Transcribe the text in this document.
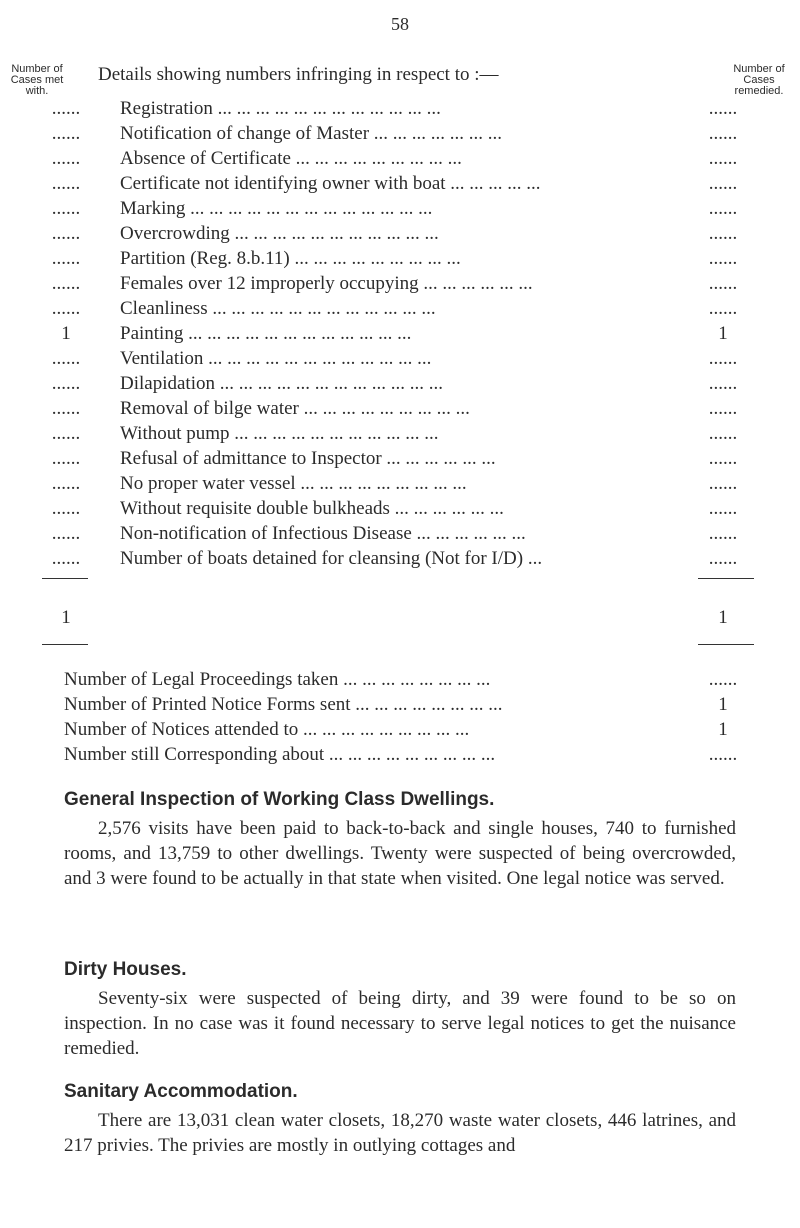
58
Number of Cases met with.
Details showing numbers infringing in respect to :—	Number of Cases remedied.
......	Registration ... ... ... ... ... ... ... ... ... ... ... ...	......
......	Notification of change of Master ... ... ... ... ... ... ...	......
......	Absence of Certificate ... ... ... ... ... ... ... ... ...	......
......	Certificate not identifying owner with boat ... ... ... ... ...	......
......	Marking ... ... ... ... ... ... ... ... ... ... ... ... ...	......
......	Overcrowding ... ... ... ... ... ... ... ... ... ... ...	......
......	Partition (Reg. 8.b.11) ... ... ... ... ... ... ... ... ...	......
......	Females over 12 improperly occupying ... ... ... ... ... ...	......
......	Cleanliness ... ... ... ... ... ... ... ... ... ... ... ...	......
1	Painting ... ... ... ... ... ... ... ... ... ... ... ...	1
......	Ventilation ... ... ... ... ... ... ... ... ... ... ... ...	......
......	Dilapidation ... ... ... ... ... ... ... ... ... ... ... ...	......
......	Removal of bilge water ... ... ... ... ... ... ... ... ...	......
......	Without pump ... ... ... ... ... ... ... ... ... ... ...	......
......	Refusal of admittance to Inspector ... ... ... ... ... ...	......
......	No proper water vessel ... ... ... ... ... ... ... ... ...	......
......	Without requisite double bulkheads ... ... ... ... ... ...	......
......	Non-notification of Infectious Disease ... ... ... ... ... ...	......
......	Number of boats detained for cleansing (Not for I/D) ...	......
1	1
Number of Legal Proceedings taken ... ... ... ... ... ... ... ...	......
Number of Printed Notice Forms sent ... ... ... ... ... ... ... ...	1
Number of Notices attended to ... ... ... ... ... ... ... ... ...	1
Number still Corresponding about ... ... ... ... ... ... ... ... ...	......
General Inspection of Working Class Dwellings.

2,576 visits have been paid to back-to-back and single houses, 740 to furnished rooms, and 13,759 to other dwellings. Twenty were suspected of being overcrowded, and 3 were found to be actually in that state when visited. One legal notice was served.

Dirty Houses.

Seventy-six were suspected of being dirty, and 39 were found to be so on inspection. In no case was it found necessary to serve legal notices to get the nuisance remedied.

Sanitary Accommodation.

There are 13,031 clean water closets, 18,270 waste water closets, 446 latrines, and 217 privies. The privies are mostly in outlying cottages and
